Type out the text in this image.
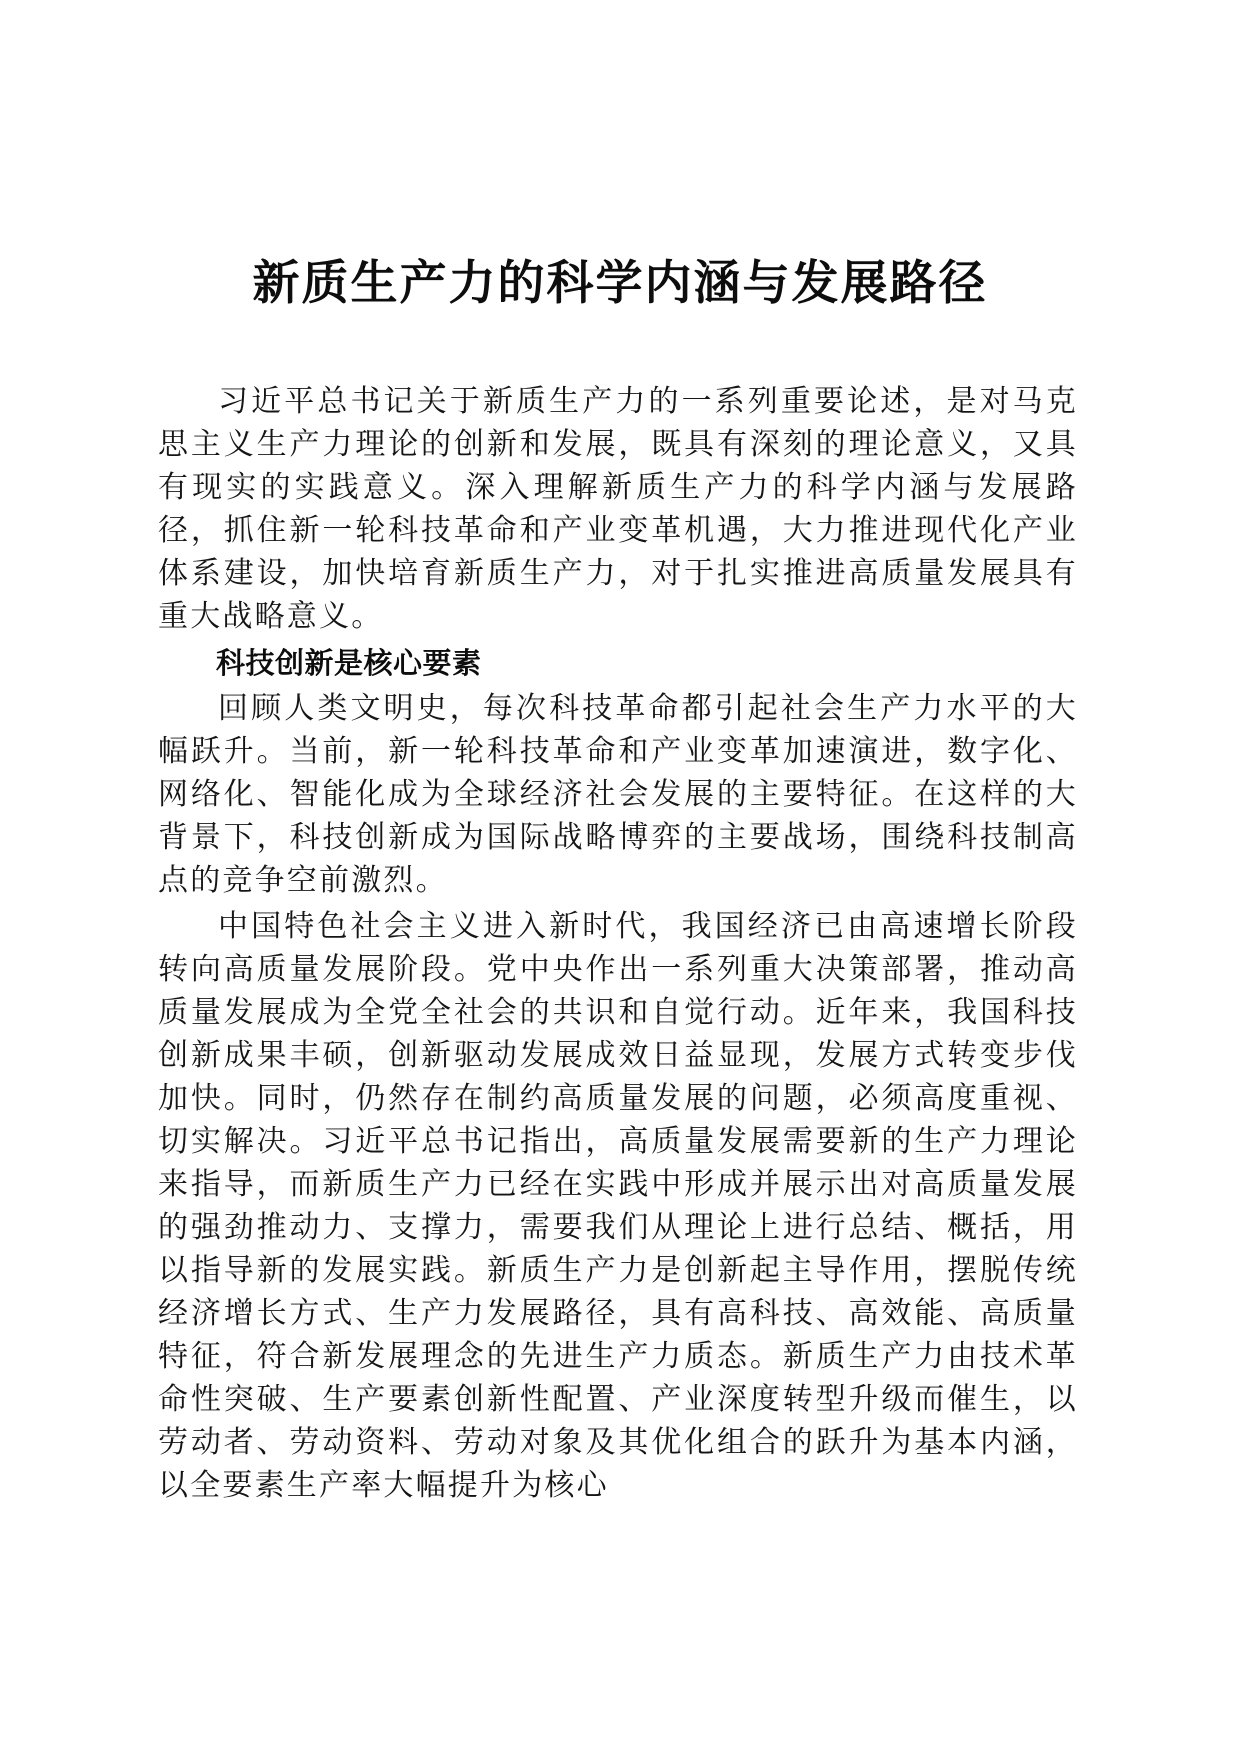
新质生产力的科学内涵与发展路径

习近平总书记关于新质生产力的一系列重要论述，是对马克思主义生产力理论的创新和发展，既具有深刻的理论意义，又具有现实的实践意义。深入理解新质生产力的科学内涵与发展路径，抓住新一轮科技革命和产业变革机遇，大力推进现代化产业体系建设，加快培育新质生产力，对于扎实推进高质量发展具有重大战略意义。

科技创新是核心要素

回顾人类文明史，每次科技革命都引起社会生产力水平的大幅跃升。当前，新一轮科技革命和产业变革加速演进，数字化、网络化、智能化成为全球经济社会发展的主要特征。在这样的大背景下，科技创新成为国际战略博弈的主要战场，围绕科技制高点的竞争空前激烈。

中国特色社会主义进入新时代，我国经济已由高速增长阶段转向高质量发展阶段。党中央作出一系列重大决策部署，推动高质量发展成为全党全社会的共识和自觉行动。近年来，我国科技创新成果丰硕，创新驱动发展成效日益显现，发展方式转变步伐加快。同时，仍然存在制约高质量发展的问题，必须高度重视、切实解决。习近平总书记指出，高质量发展需要新的生产力理论来指导，而新质生产力已经在实践中形成并展示出对高质量发展的强劲推动力、支撑力，需要我们从理论上进行总结、概括，用以指导新的发展实践。新质生产力是创新起主导作用，摆脱传统经济增长方式、生产力发展路径，具有高科技、高效能、高质量特征，符合新发展理念的先进生产力质态。新质生产力由技术革命性突破、生产要素创新性配置、产业深度转型升级而催生，以劳动者、劳动资料、劳动对象及其优化组合的跃升为基本内涵，以全要素生产率大幅提升为核心
